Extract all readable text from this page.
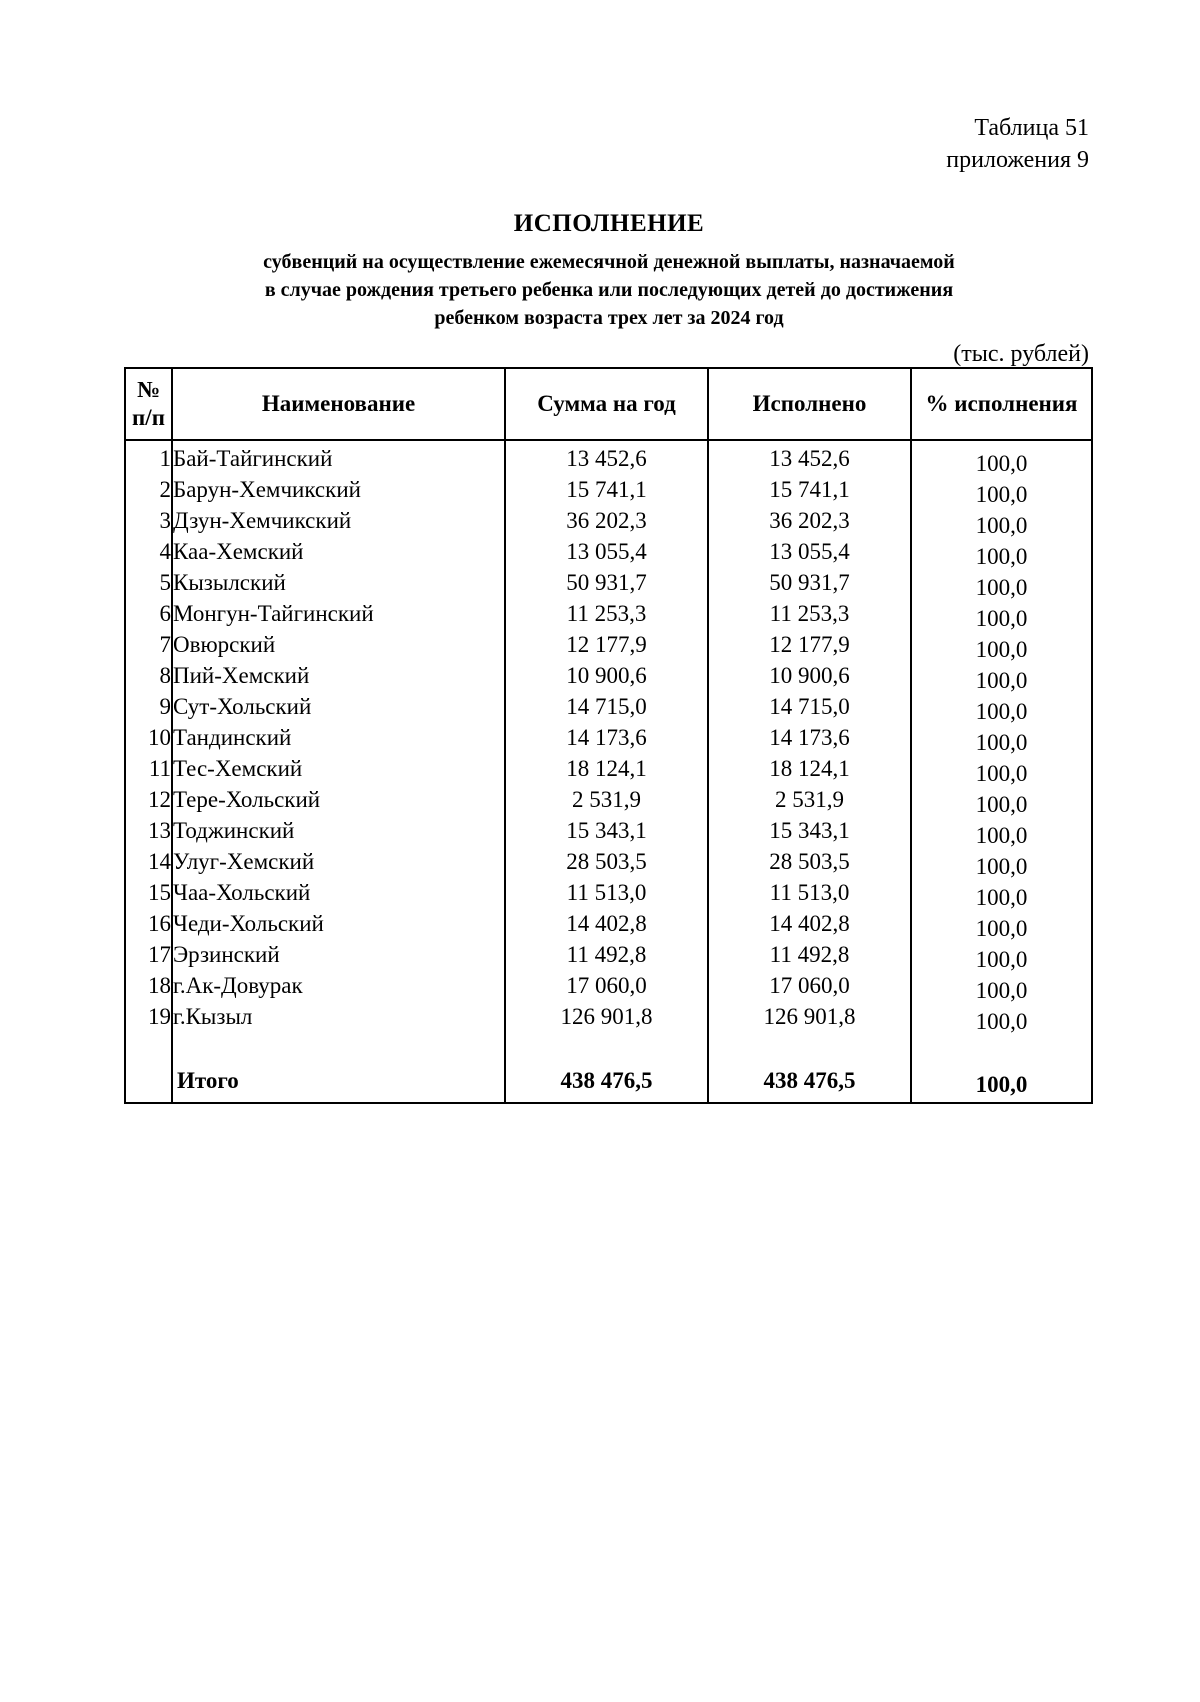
Таблица 51
приложения 9
ИСПОЛНЕНИЕ
субвенций на осуществление ежемесячной денежной выплаты, назначаемой
в случае рождения третьего ребенка или последующих детей до достижения
ребенком возраста трех лет за 2024 год
(тыс. рублей)
№ п/п	Наименование	Сумма на год	Исполнено	% исполнения
1	Бай-Тайгинский	13 452,6	13 452,6	100,0
2	Барун-Хемчикский	15 741,1	15 741,1	100,0
3	Дзун-Хемчикский	36 202,3	36 202,3	100,0
4	Каа-Хемский	13 055,4	13 055,4	100,0
5	Кызылский	50 931,7	50 931,7	100,0
6	Монгун-Тайгинский	11 253,3	11 253,3	100,0
7	Овюрский	12 177,9	12 177,9	100,0
8	Пий-Хемский	10 900,6	10 900,6	100,0
9	Сут-Хольский	14 715,0	14 715,0	100,0
10	Тандинский	14 173,6	14 173,6	100,0
11	Тес-Хемский	18 124,1	18 124,1	100,0
12	Тере-Хольский	2 531,9	2 531,9	100,0
13	Тоджинский	15 343,1	15 343,1	100,0
14	Улуг-Хемский	28 503,5	28 503,5	100,0
15	Чаа-Хольский	11 513,0	11 513,0	100,0
16	Чеди-Хольский	14 402,8	14 402,8	100,0
17	Эрзинский	11 492,8	11 492,8	100,0
18	г.Ак-Довурак	17 060,0	17 060,0	100,0
19	г.Кызыл	126 901,8	126 901,8	100,0

	Итого	438 476,5	438 476,5	100,0
